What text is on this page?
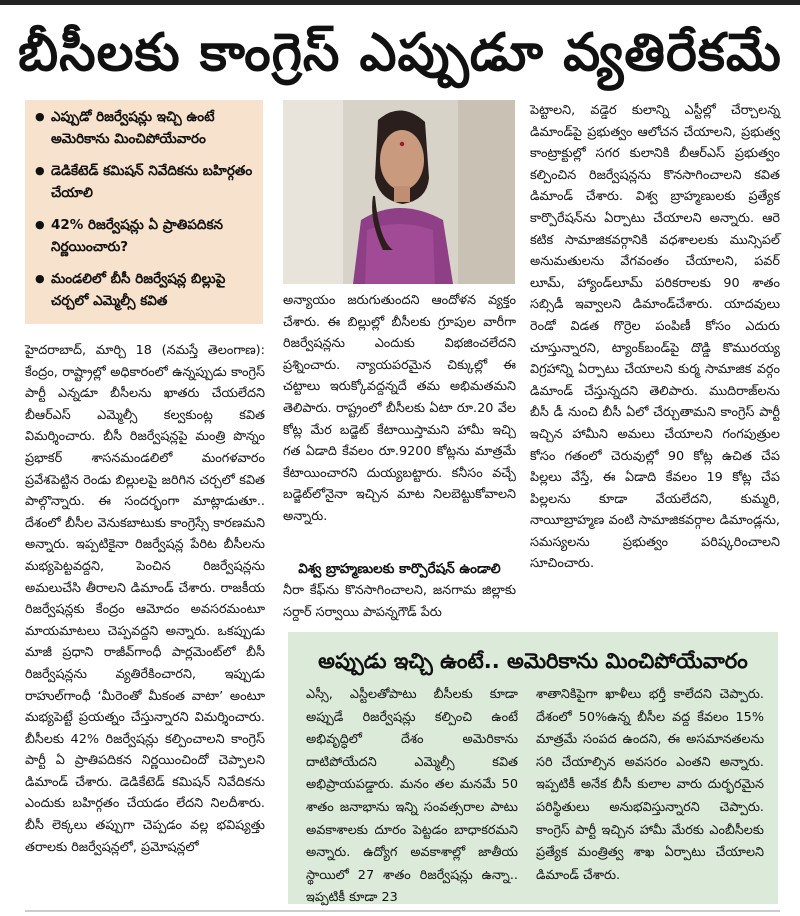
బీసీలకు కాంగ్రెస్ ఎప్పుడూ వ్యతిరేకమే
● ఎప్పుడో రిజర్వేషన్లు ఇచ్చి ఉంటే అమెరికాను మించిపోయేవారం
● డెడికేటెడ్ కమిషన్ నివేదికను బహిర్గతం చేయాలి
● 42% రిజర్వేషన్లు ఏ ప్రాతిపదికన నిర్ణయించారు?
● మండలిలో బీసీ రిజర్వేషన్ల బిల్లుపై చర్చలో ఎమ్మెల్సీ కవిత

హైదరాబాద్, మార్చి 18 (నమస్తే తెలంగాణ): కేంద్రం, రాష్ట్రాల్లో అధికారంలో ఉన్నప్పుడు కాంగ్రెస్ పార్టీ ఎన్నడూ బీసీలను ఖాతరు చేయలేదని బీఆర్‌ఎస్ ఎమ్మెల్సీ కల్వకుంట్ల కవిత విమర్శించారు. బీసీ రిజర్వేషన్లపై మంత్రి పొన్నం ప్రభాకర్ శాసనమండలిలో మంగళవారం ప్రవేశపెట్టిన రెండు బిల్లులపై జరిగిన చర్చలో కవిత పాల్గొన్నారు. ఈ సందర్భంగా మాట్లాడుతూ.. దేశంలో బీసీల వెనుకబాటుకు కాంగ్రెస్సే కారణమని అన్నారు. ఇప్పటికైనా రిజర్వేషన్ల పేరిట బీసీలను మభ్యపెట్టవద్దని, పెంచిన రిజర్వేషన్లను అమలుచేసి తీరాలని డిమాండ్ చేశారు. రాజకీయ రిజర్వేషన్లకు కేంద్రం ఆమోదం అవసరమంటూ మాయమాటలు చెప్పవద్దని అన్నారు. ఒకప్పుడు మాజీ ప్రధాని రాజీవ్‌గాంధీ పార్లమెంట్‌లో బీసీ రిజర్వేషన్లను వ్యతిరేకించారని, ఇప్పుడు రాహుల్‌గాంధీ ‘మీరెంతో మీకంత వాటా’ అంటూ మభ్యపెట్టే ప్రయత్నం చేస్తున్నారని విమర్శించారు. బీసీలకు 42% రిజర్వేషన్లు కల్పించాలని కాంగ్రెస్ పార్టీ ఏ ప్రాతిపదికన నిర్ణయించిందో చెప్పాలని డిమాండ్ చేశారు. డెడికేటెడ్ కమిషన్ నివేదికను ఎందుకు బహిర్గతం చేయడం లేదని నిలదీశారు. బీసీ లెక్కలు తప్పుగా చెప్పడం వల్ల భవిష్యత్తు తరాలకు రిజర్వేషన్లలో, ప్రమోషన్లలో

అన్యాయం జరుగుతుందని ఆందోళన వ్యక్తం చేశారు. ఈ బిల్లుల్లో బీసీలకు గ్రూపుల వారీగా రిజర్వేషన్లను ఎందుకు విభజించలేదని ప్రశ్నించారు. న్యాయపరమైన చిక్కుల్లో ఈ చట్టాలు ఇరుక్కోవద్దన్నదే తమ అభిమతమని తెలిపారు. రాష్ట్రంలో బీసీలకు ఏటా రూ.20 వేల కోట్ల మేర బడ్జెట్ కేటాయిస్తామని హామీ ఇచ్చి గత ఏడాది కేవలం రూ.9200 కోట్లను మాత్రమే కేటాయించారని దుయ్యబట్టారు. కనీసం వచ్చే బడ్జెట్‌లోనైనా ఇచ్చిన మాట నిలబెట్టుకోవాలని అన్నారు.

విశ్వ బ్రాహ్మణులకు కార్పొరేషన్ ఉండాలి

నీరా కేఫ్‌ను కొనసాగించాలని, జనగామ జిల్లాకు సర్దార్ సర్వాయి పాపన్నగౌడ్ పేరు

పెట్టాలని, వడ్డెర కులాన్ని ఎస్టీల్లో చేర్చాలన్న డిమాండ్‌పై ప్రభుత్వం ఆలోచన చేయాలని, ప్రభుత్వ కాంట్రాక్టుల్లో సగర కులానికి బీఆర్‌ఎస్ ప్రభుత్వం కల్పించిన రిజర్వేషన్లను కొనసాగించాలని కవిత డిమాండ్ చేశారు. విశ్వ బ్రాహ్మణులకు ప్రత్యేక కార్పొరేషన్‌ను ఏర్పాటు చేయాలని అన్నారు. ఆరె కటిక సామాజికవర్గానికి వధశాలలకు మున్సిపల్ అనుమతులను వేగవంతం చేయాలని, పవర్ లూమ్, హ్యాండ్‌లూమ్ పరికరాలకు 90 శాతం సబ్సిడీ ఇవ్వాలని డిమాండ్‌చేశారు. యాదవులు రెండో విడత గొర్రెల పంపిణీ కోసం ఎదురు చూస్తున్నారని, ట్యాంక్‌బండ్‌పై దొడ్డి కొమురయ్య విగ్రహాన్ని ఏర్పాటు చేయాలని కుర్మ సామాజిక వర్గం డిమాండ్ చేస్తున్నదని తెలిపారు. ముదిరాజ్‌లను బీసీ డీ నుంచి బీసీ ఏలో చేర్చుతామని కాంగ్రెస్ పార్టీ ఇచ్చిన హామీని అమలు చేయాలని గంగపుత్రుల కోసం గతంలో చెరువుల్లో 90 కోట్ల ఉచిత చేప పిల్లలు వేస్తే, ఈ ఏడాది కేవలం 19 కోట్ల చేప పిల్లలను కూడా వేయలేదని, కుమ్మరి, నాయీబ్రాహ్మణ వంటి సామాజికవర్గాల డిమాండ్లను, సమస్యలను ప్రభుత్వం పరిష్కరించాలని సూచించారు.

అప్పుడు ఇచ్చి ఉంటే.. అమెరికాను మించిపోయేవారం

ఎస్సీ, ఎస్టీలతోపాటు బీసీలకు కూడా అప్పుడే రిజర్వేషన్లు కల్పించి ఉంటే అభివృద్ధిలో దేశం అమెరికాను దాటిపోయేదని ఎమ్మెల్సీ కవిత అభిప్రాయపడ్డారు. మనం తల మనమే 50 శాతం జనాభాను ఇన్ని సంవత్సరాల పాటు అవకాశాలకు దూరం పెట్టడం బాధాకరమని అన్నారు. ఉద్యోగ అవకాశాల్లో జాతీయ స్థాయిలో 27 శాతం రిజర్వేషన్లు ఉన్నా.. ఇప్పటికీ కూడా 23

శాతానికిపైగా ఖాళీలు భర్తీ కాలేదని చెప్పారు. దేశంలో 50%ఉన్న బీసీల వద్ద కేవలం 15% మాత్రమే సంపద ఉందని, ఈ అసమానతలను సరి చేయాల్సిన అవసరం ఎంతని అన్నారు. ఇప్పటికీ అనేక బీసీ కులాల వారు దుర్భరమైన పరిస్థితులు అనుభవిస్తున్నారని చెప్పారు. కాంగ్రెస్ పార్టీ ఇచ్చిన హామీ మేరకు ఎంబీసీలకు ప్రత్యేక మంత్రిత్వ శాఖ ఏర్పాటు చేయాలని డిమాండ్ చేశారు.
